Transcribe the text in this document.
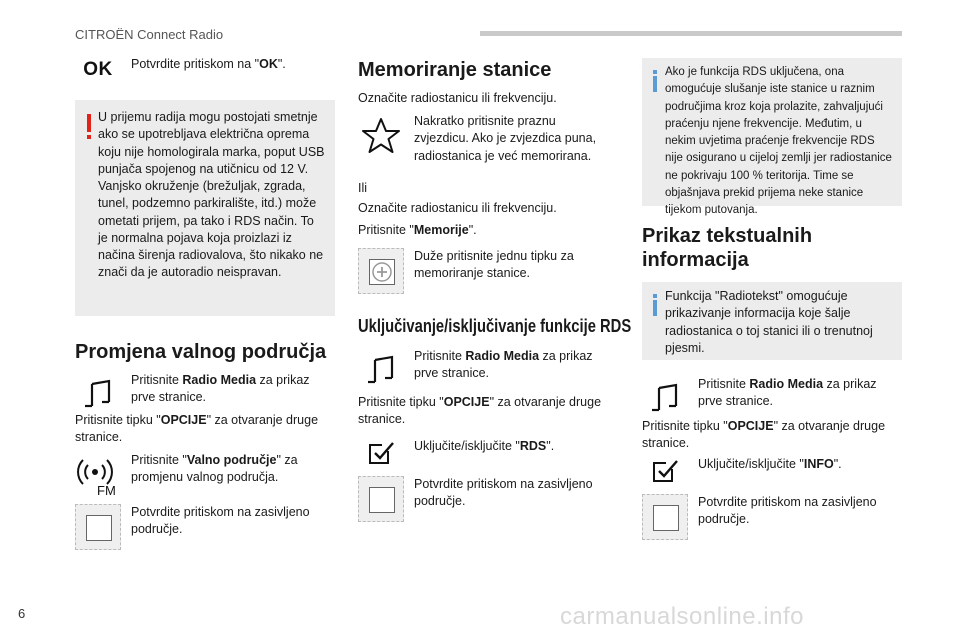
CITROËN Connect Radio
OK Potvrdite pritiskom na "OK".
U prijemu radija mogu postojati smetnje ako se upotrebljava električna oprema koju nije homologirala marka, poput USB punjača spojenog na utičnicu od 12 V. Vanjsko okruženje (brežuljak, zgrada, tunel, podzemno parkiralište, itd.) može ometati prijem, pa tako i RDS način. To je normalna pojava koja proizlazi iz načina širenja radiovalova, što nikako ne znači da je autoradio neispravan.
Promjena valnog područja
Pritisnite Radio Media za prikaz prve stranice.

Pritisnite tipku "OPCIJE" za otvaranje druge stranice.

FM
Pritisnite "Valno područje" za promjenu valnog područja.
Potvrdite pritiskom na zasivljeno područje.
Memoriranje stanice

Označite radiostanicu ili frekvenciju.

Nakratko pritisnite praznu zvjezdicu. Ako je zvjezdica puna, radiostanica je već memorirana.

Ili

Označite radiostanicu ili frekvenciju.

Pritisnite "Memorije".

Duže pritisnite jednu tipku za memoriranje stanice.
Uključivanje/isključivanje funkcije RDS
Pritisnite Radio Media za prikaz prve stranice.

Pritisnite tipku "OPCIJE" za otvaranje druge stranice.

Uključite/isključite "RDS".
Potvrdite pritiskom na zasivljeno područje.
Ako je funkcija RDS uključena, ona omogućuje slušanje iste stanice u raznim područjima kroz koja prolazite, zahvaljujući praćenju njene frekvencije. Međutim, u nekim uvjetima praćenje frekvencije RDS nije osigurano u cijeloj zemlji jer radiostanice ne pokrivaju 100 % teritorija. Time se objašnjava prekid prijema neke stanice tijekom putovanja.
Prikaz tekstualnih informacija
Funkcija "Radiotekst" omogućuje prikazivanje informacija koje šalje radiostanica o toj stanici ili o trenutnoj pjesmi.
Pritisnite Radio Media za prikaz prve stranice.

Pritisnite tipku "OPCIJE" za otvaranje druge stranice.

Uključite/isključite "INFO".
Potvrdite pritiskom na zasivljeno područje.
6	carmanualsonline.info
